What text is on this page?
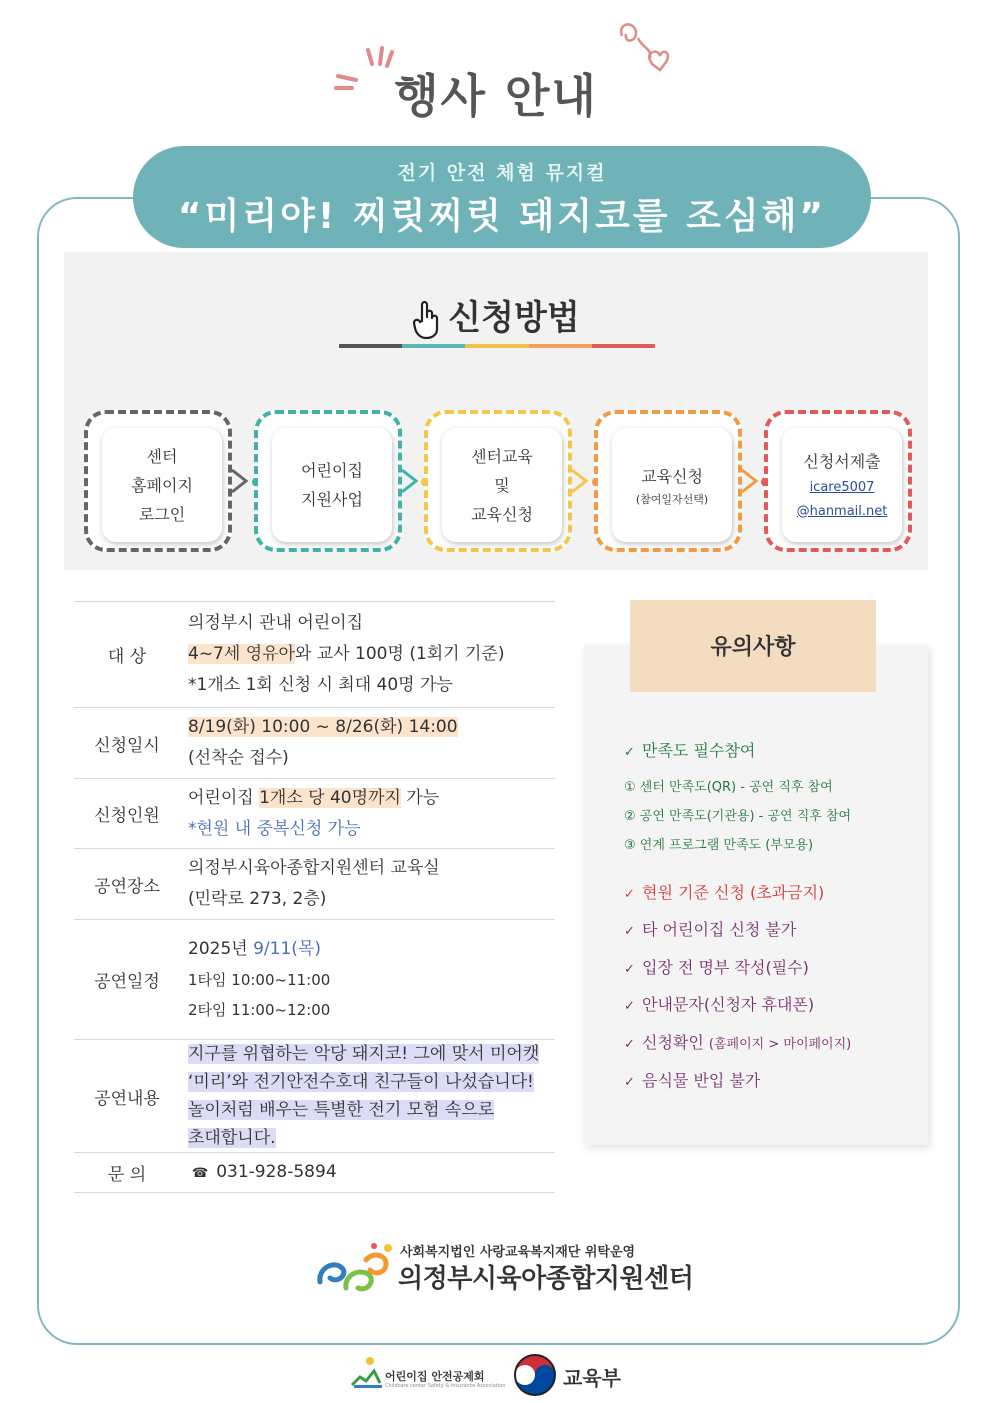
행사 안내
전기 안전 체험 뮤지컬
“미리야! 찌릿찌릿 돼지코를 조심해”
신청방법
센터
홈페이지
로그인
어린이집
지원사업
센터교육
및
교육신청
교육신청
(참여일자선택)
신청서제출
icare5007
@hanmail.net
대 상	의정부시 관내 어린이집
4~7세 영유아와 교사 100명 (1회기 기준)
*1개소 1회 신청 시 최대 40명 가능

신청일시	8/19(화) 10:00 ~ 8/26(화) 14:00
(선착순 접수)

신청인원	어린이집 1개소 당 40명까지 가능
*현원 내 중복신청 가능

공연장소	의정부시육아종합지원센터 교육실
(민락로 273, 2층)

공연일정	2025년 9/11(목)
1타임 10:00~11:00
2타임 11:00~12:00

공연내용	지구를 위협하는 악당 돼지코! 그에 맞서 미어캣
‘미리’와 전기안전수호대 친구들이 나섰습니다!
놀이처럼 배우는 특별한 전기 모험 속으로
초대합니다.

문 의	☎ 031-928-5894
유의사항
✓ 만족도 필수참여
① 센터 만족도(QR) - 공연 직후 참여
② 공연 만족도(기관용) - 공연 직후 참여
③ 연계 프로그램 만족도 (부모용)
✓ 현원 기준 신청 (초과금지)
✓ 타 어린이집 신청 불가
✓ 입장 전 명부 작성(필수)
✓ 안내문자(신청자 휴대폰)
✓ 신청확인 (홈페이지 > 마이페이지)
✓ 음식물 반입 불가
사회복지법인 사랑교육복지재단 위탁운영
의정부시육아종합지원센터
어린이집 안전공제회
Childcare center Safety & Insurance Association	교육부
